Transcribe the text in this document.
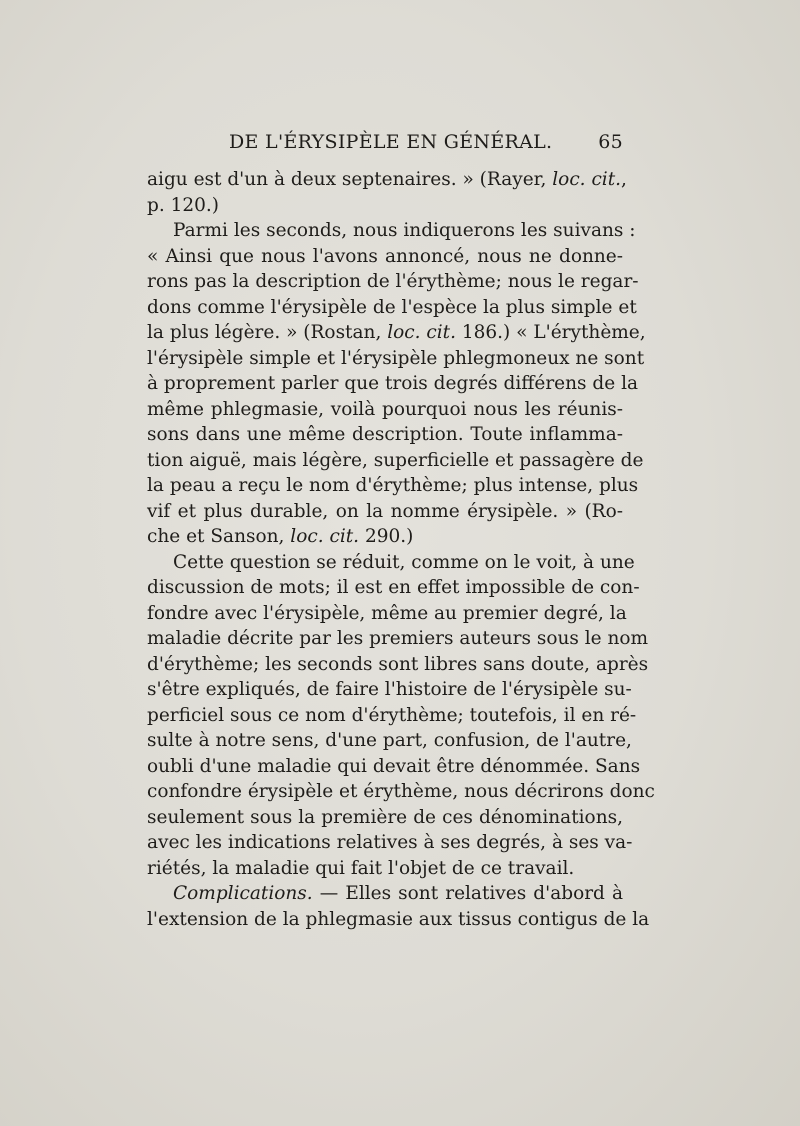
DE L'ÉRYSIPÈLE EN GÉNÉRAL. 65
aigu est d'un à deux septenaires. » (Rayer, loc. cit.,
p. 120.)
Parmi les seconds, nous indiquerons les suivans :
« Ainsi que nous l'avons annoncé, nous ne donne-
rons pas la description de l'érythème; nous le regar-
dons comme l'érysipèle de l'espèce la plus simple et
la plus légère. » (Rostan, loc. cit. 186.) « L'érythème,
l'érysipèle simple et l'érysipèle phlegmoneux ne sont
à proprement parler que trois degrés différens de la
même phlegmasie, voilà pourquoi nous les réunis-
sons dans une même description. Toute inflamma-
tion aiguë, mais légère, superficielle et passagère de
la peau a reçu le nom d'érythème; plus intense, plus
vif et plus durable, on la nomme érysipèle. » (Ro-
che et Sanson, loc. cit. 290.)
Cette question se réduit, comme on le voit, à une
discussion de mots; il est en effet impossible de con-
fondre avec l'érysipèle, même au premier degré, la
maladie décrite par les premiers auteurs sous le nom
d'érythème; les seconds sont libres sans doute, après
s'être expliqués, de faire l'histoire de l'érysipèle su-
perficiel sous ce nom d'érythème; toutefois, il en ré-
sulte à notre sens, d'une part, confusion, de l'autre,
oubli d'une maladie qui devait être dénommée. Sans
confondre érysipèle et érythème, nous décrirons donc
seulement sous la première de ces dénominations,
avec les indications relatives à ses degrés, à ses va-
riétés, la maladie qui fait l'objet de ce travail.
Complications. — Elles sont relatives d'abord à
l'extension de la phlegmasie aux tissus contigus de la
